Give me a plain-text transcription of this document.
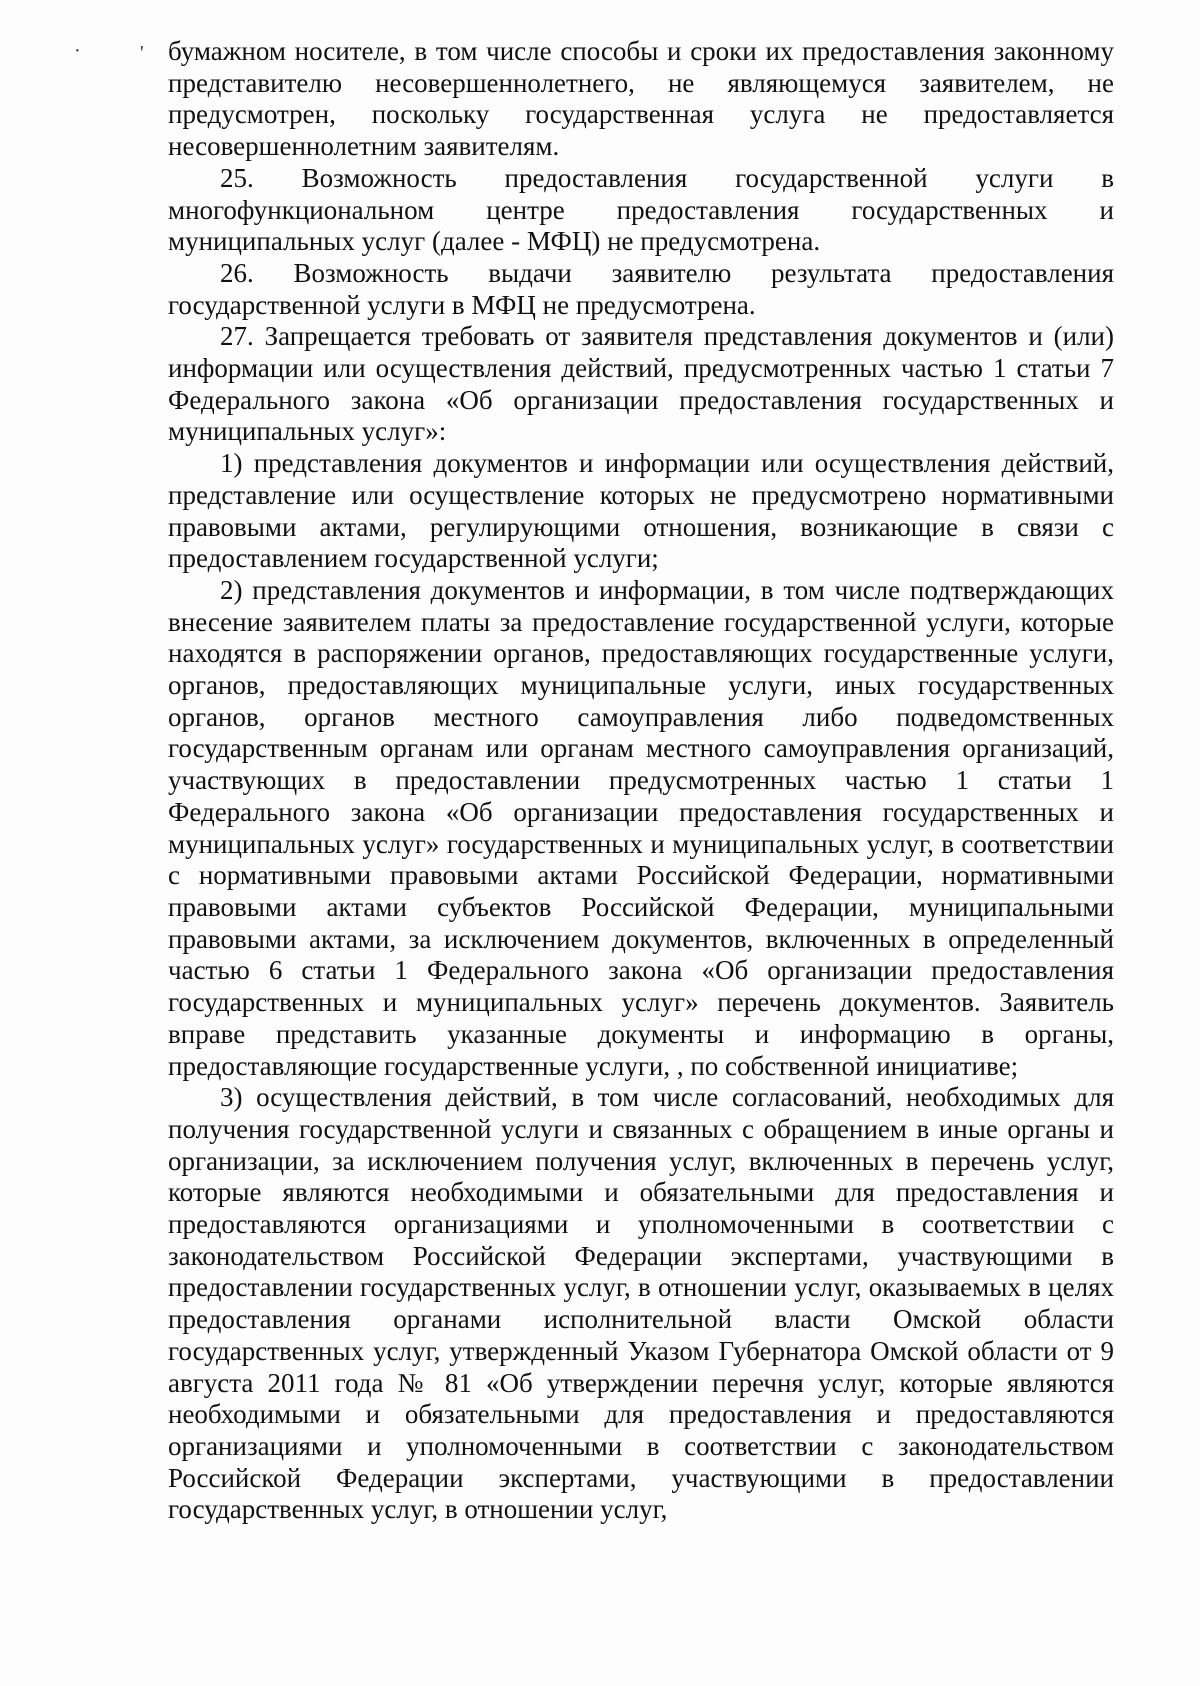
·	' бумажном носителе, в том числе способы и сроки их предоставления законному представителю несовершеннолетнего, не являющемуся заявителем, не предусмотрен, поскольку государственная услуга не предоставляется несовершеннолетним заявителям.

25. Возможность предоставления государственной услуги в многофункциональном центре предоставления государственных и муниципальных услуг (далее - МФЦ) не предусмотрена.

26. Возможность выдачи заявителю результата предоставления государственной услуги в МФЦ не предусмотрена.

27. Запрещается требовать от заявителя представления документов и (или) информации или осуществления действий, предусмотренных частью 1 статьи 7 Федерального закона «Об организации предоставления государственных и муниципальных услуг»:

1) представления документов и информации или осуществления действий, представление или осуществление которых не предусмотрено нормативными правовыми актами, регулирующими отношения, возникающие в связи с предоставлением государственной услуги;

2) представления документов и информации, в том числе подтверждающих внесение заявителем платы за предоставление государственной услуги, которые находятся в распоряжении органов, предоставляющих государственные услуги, органов, предоставляющих муниципальные услуги, иных государственных органов, органов местного самоуправления либо подведомственных государственным органам или органам местного самоуправления организаций, участвующих в предоставлении предусмотренных частью 1 статьи 1 Федерального закона «Об организации предоставления государственных и муниципальных услуг» государственных и муниципальных услуг, в соответствии с нормативными правовыми актами Российской Федерации, нормативными правовыми актами субъектов Российской Федерации, муниципальными правовыми актами, за исключением документов, включенных в определенный частью 6 статьи 1 Федерального закона «Об организации предоставления государственных и муниципальных услуг» перечень документов. Заявитель вправе представить указанные документы и информацию в органы, предоставляющие государственные услуги, , по собственной инициативе;

3) осуществления действий, в том числе согласований, необходимых для получения государственной услуги и связанных с обращением в иные органы и организации, за исключением получения услуг, включенных в перечень услуг, которые являются необходимыми и обязательными для предоставления и предоставляются организациями и уполномоченными в соответствии с законодательством Российской Федерации экспертами, участвующими в предоставлении государственных услуг, в отношении услуг, оказываемых в целях предоставления органами исполнительной власти Омской области государственных услуг, утвержденный Указом Губернатора Омской области от 9 августа 2011 года № 81 «Об утверждении перечня услуг, которые являются необходимыми и обязательными для предоставления и предоставляются организациями и уполномоченными в соответствии с законодательством Российской Федерации экспертами, участвующими в предоставлении государственных услуг, в отношении услуг,
